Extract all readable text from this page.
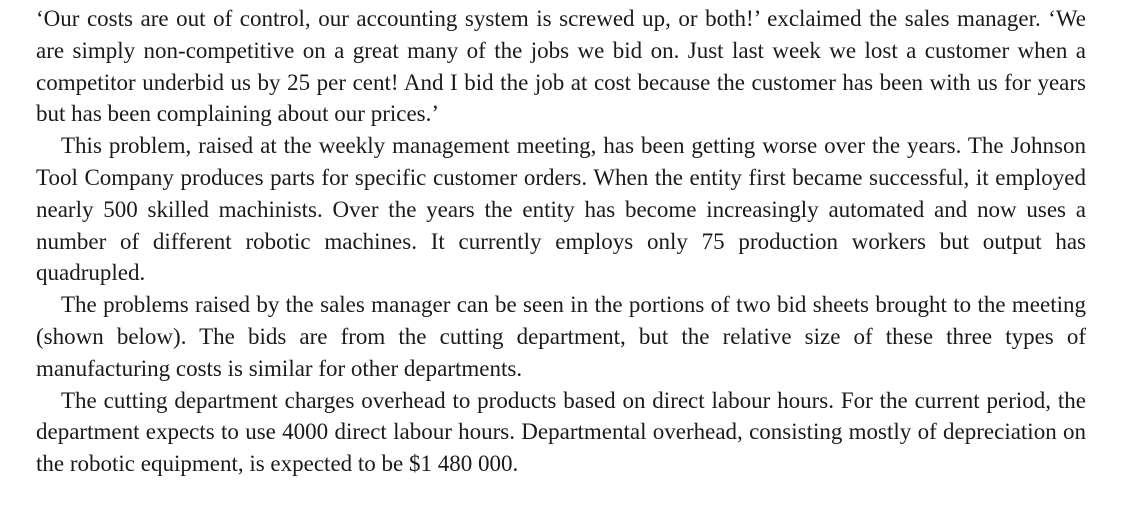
‘Our costs are out of control, our accounting system is screwed up, or both!’ exclaimed the sales manager. ‘We are simply non-competitive on a great many of the jobs we bid on. Just last week we lost a customer when a competitor underbid us by 25 per cent! And I bid the job at cost because the customer has been with us for years but has been complaining about our prices.’

This problem, raised at the weekly management meeting, has been getting worse over the years. The Johnson Tool Company produces parts for specific customer orders. When the entity first became successful, it employed nearly 500 skilled machinists. Over the years the entity has become increasingly automated and now uses a number of different robotic machines. It currently employs only 75 production workers but output has quadrupled.

The problems raised by the sales manager can be seen in the portions of two bid sheets brought to the meeting (shown below). The bids are from the cutting department, but the relative size of these three types of manufacturing costs is similar for other departments.

The cutting department charges overhead to products based on direct labour hours. For the current period, the department expects to use 4000 direct labour hours. Departmental overhead, consisting mostly of depreciation on the robotic equipment, is expected to be $1 480 000.
